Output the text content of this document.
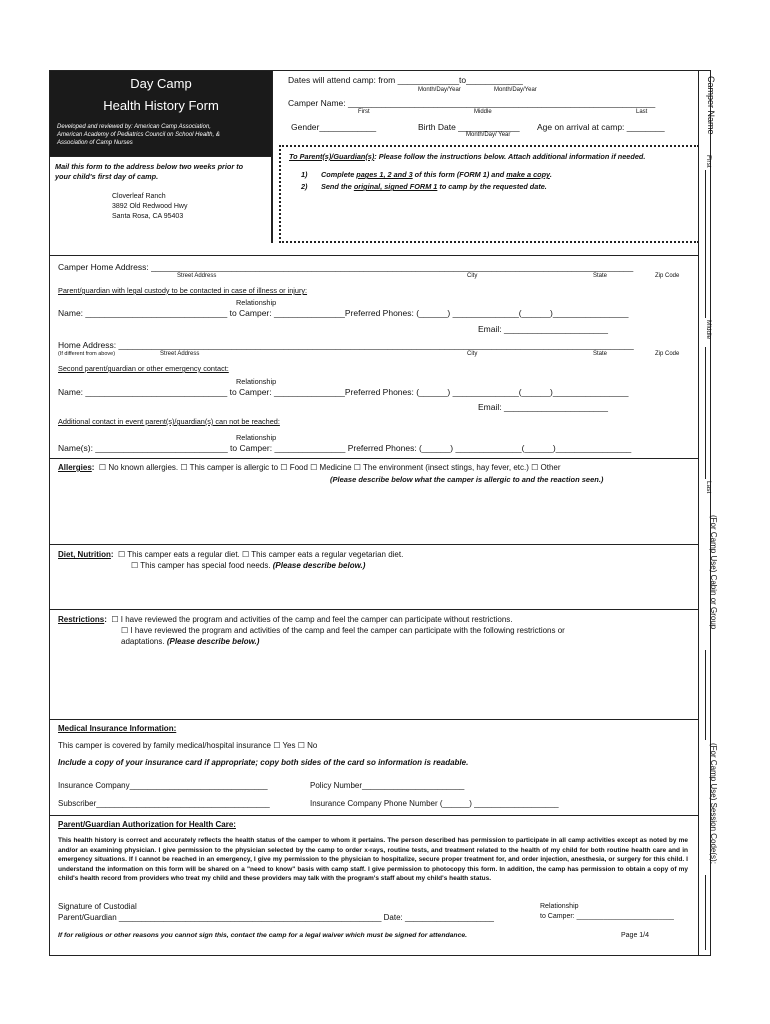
Day Camp
Health History Form
Developed and reviewed by: American Camp Association,
American Academy of Pediatrics Council on School Health, &
Association of Camp Nurses
Mail this form to the address below two weeks prior to
your child's first day of camp.
Cloverleaf Ranch
3892 Old Redwood Hwy
Santa Rosa, CA 95403
Dates will attend camp: from _____________to____________
Month/Day/Year	Month/Day/Year
Camper Name: _________________________________________________________________
First	Middle	Last
Gender____________	Birth Date _____________
Month/Day/ Year
Age on arrival at camp: ________
To Parent(s)/Guardian(s): Please follow the instructions below. Attach additional information if needed.
1) Complete pages 1, 2 and 3 of this form (FORM 1) and make a copy.
2) Send the original, signed FORM 1 to camp by the requested date.
Camper Home Address: ______________________________________________________________________________________________________
Street Address	City	State	Zip Code
Parent/guardian with legal custody to be contacted in case of illness or injury:
Relationship
Name: ______________________________ to Camper: _______________Preferred Phones: (______) ______________(______)________________
Email: ______________________
Home Address: _____________________________________________________________________________________________________________
(If different from above)	Street Address	City	State	Zip Code
Second parent/guardian or other emergency contact:
Relationship
Name: ______________________________ to Camper: _______________Preferred Phones: (______) ______________(______)________________
Email: ______________________
Additional contact in event parent(s)/guardian(s) can not be reached:
Relationship
Name(s): ____________________________ to Camper: _______________ Preferred Phones: (______) ______________(______)________________
Allergies: ☐ No known allergies. ☐ This camper is allergic to ☐ Food ☐ Medicine ☐ The environment (insect stings, hay fever, etc.) ☐ Other
(Please describe below what the camper is allergic to and the reaction seen.)
Diet, Nutrition: ☐ This camper eats a regular diet. ☐ This camper eats a regular vegetarian diet.
☐ This camper has special food needs. (Please describe below.)
Restrictions: ☐ I have reviewed the program and activities of the camp and feel the camper can participate without restrictions.
☐ I have reviewed the program and activities of the camp and feel the camper can participate with the following restrictions or
adaptations. (Please describe below.)
Medical Insurance Information:
This camper is covered by family medical/hospital insurance ☐ Yes ☐ No
Include a copy of your insurance card if appropriate; copy both sides of the card so information is readable.
Insurance Company_______________________________	Policy Number_______________________
Subscriber_______________________________________	Insurance Company Phone Number (______) ___________________
Parent/Guardian Authorization for Health Care:
This health history is correct and accurately reflects the health status of the camper to whom it pertains. The person described has permission to participate in all camp activities except as noted by me and/or an examining physician. I give permission to the physician selected by the camp to order x-rays, routine tests, and treatment related to the health of my child for both routine health care and in emergency situations. If I cannot be reached in an emergency, I give my permission to the physician to hospitalize, secure proper treatment for, and order injection, anesthesia, or surgery for this child. I understand the information on this form will be shared on a "need to know" basis with camp staff. I give permission to photocopy this form. In addition, the camp has permission to obtain a copy of my child's health record from providers who treat my child and these providers may talk with the program's staff about my child's health status.
Signature of Custodial
Parent/Guardian ___________________________________________________________ Date: ____________________
Relationship
to Camper: _________________________
If for religious or other reasons you cannot sign this, contact the camp for a legal waiver which must be signed for attendance.	Page 1/4
Camper Name
First
Middle
Last
(For Camp Use) Cabin or Group
(For Camp Use) Session Code(s):
